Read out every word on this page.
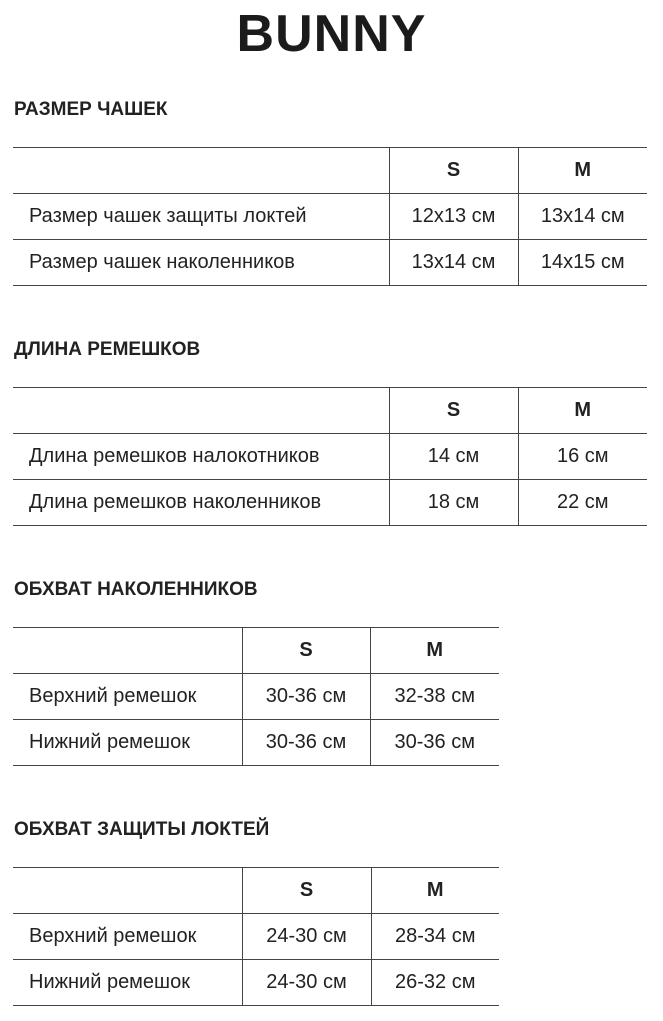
BUNNY
РАЗМЕР ЧАШЕК
	S	M
Размер чашек защиты локтей	12х13 см	13х14 см
Размер чашек наколенников	13х14 см	14х15 см
ДЛИНА РЕМЕШКОВ
	S	M
Длина ремешков налокотников	14 см	16 см
Длина ремешков наколенников	18 см	22 см
ОБХВАТ НАКОЛЕННИКОВ
	S	M
Верхний ремешок	30-36 см	32-38 см
Нижний ремешок	30-36 см	30-36 см
ОБХВАТ ЗАЩИТЫ ЛОКТЕЙ
	S	M
Верхний ремешок	24-30 см	28-34 см
Нижний ремешок	24-30 см	26-32 см
